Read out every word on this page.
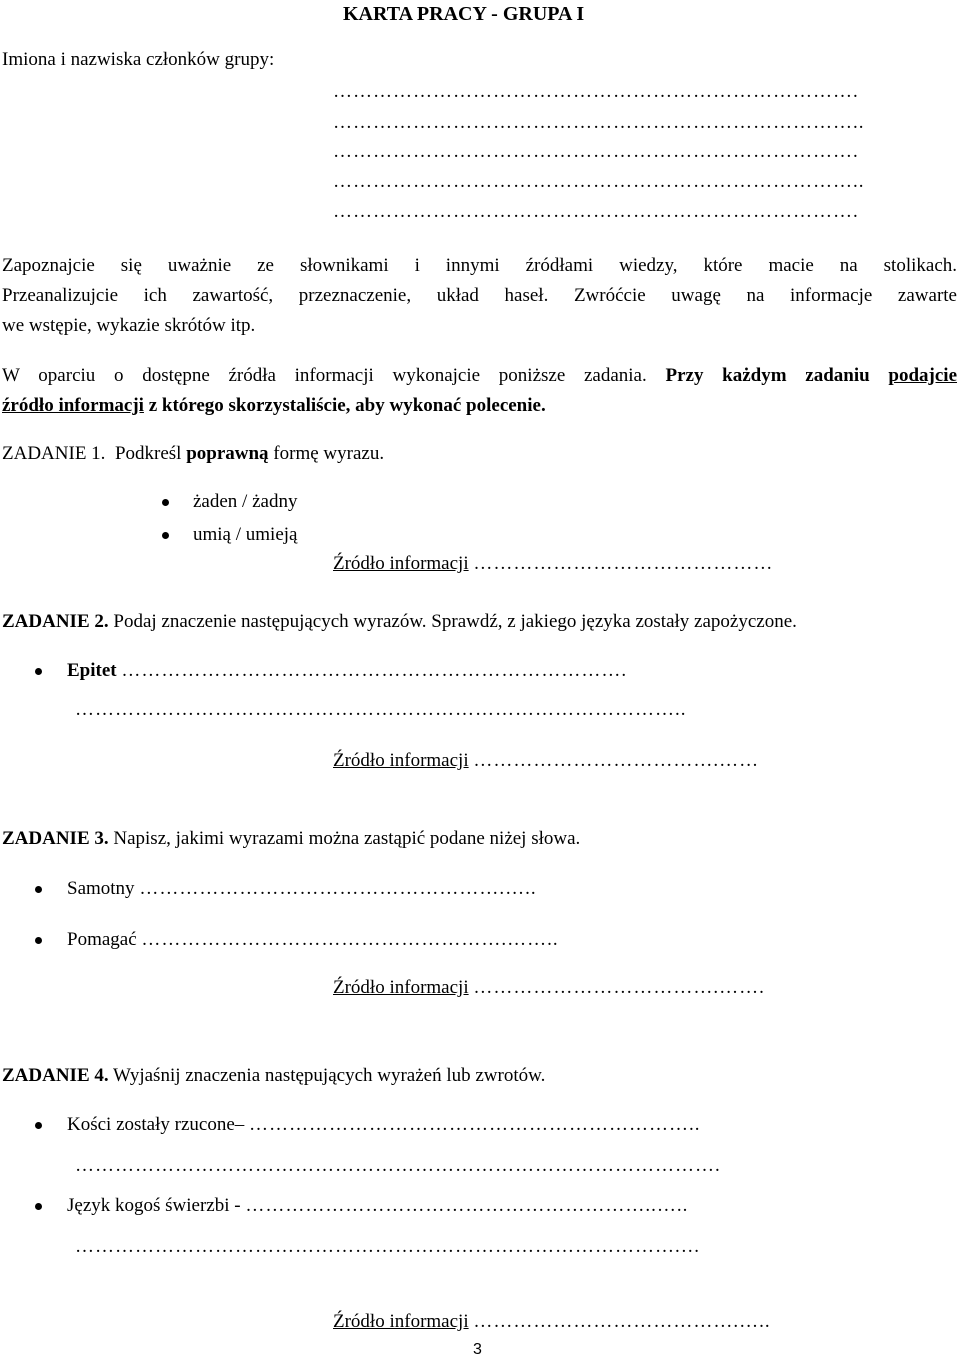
KARTA PRACY - GRUPA I
Imiona i nazwiska członków grupy:
…………………………………………………………………….
……………………………………………………………………..
…………………………………………………………………….
……………………………………………………………………..
…………………………………………………………………….
Zapoznajcie się uważnie ze słownikami i innymi źródłami wiedzy, które macie na stolikach.
Przeanalizujcie ich zawartość, przeznaczenie, układ haseł. Zwróćcie uwagę na informacje zawarte
we wstępie, wykazie skrótów itp.
W oparciu o dostępne źródła informacji wykonajcie poniższe zadania. Przy każdym zadaniu podajcie
źródło informacji z którego skorzystaliście, aby wykonać polecenie.
ZADANIE 1. Podkreśl poprawną formę wyrazu.
żaden / żadny
umią / umieją
Źródło informacji ………………………………………
ZADANIE 2. Podaj znaczenie następujących wyrazów. Sprawdź, z jakiego języka zostały zapożyczone.
Epitet ………………………………………………………………….
………………………………………………………………………………..
Źródło informacji ……………………………….……
ZADANIE 3. Napisz, jakimi wyrazami można zastąpić podane niżej słowa.
Samotny ……………………………………………….…..
Pomagać ……………………………………………….……..
Źródło informacji ……………………………….…….
ZADANIE 4. Wyjaśnij znaczenia następujących wyrażeń lub zwrotów.
Kości zostały rzucone– …………………………………………………………..
…………………………………………………………………………………….
Język kogoś świerzbi - ……………………………………………………..…..
……………………………………………………………………………….…
Źródło informacji ………………………………….…..
3
